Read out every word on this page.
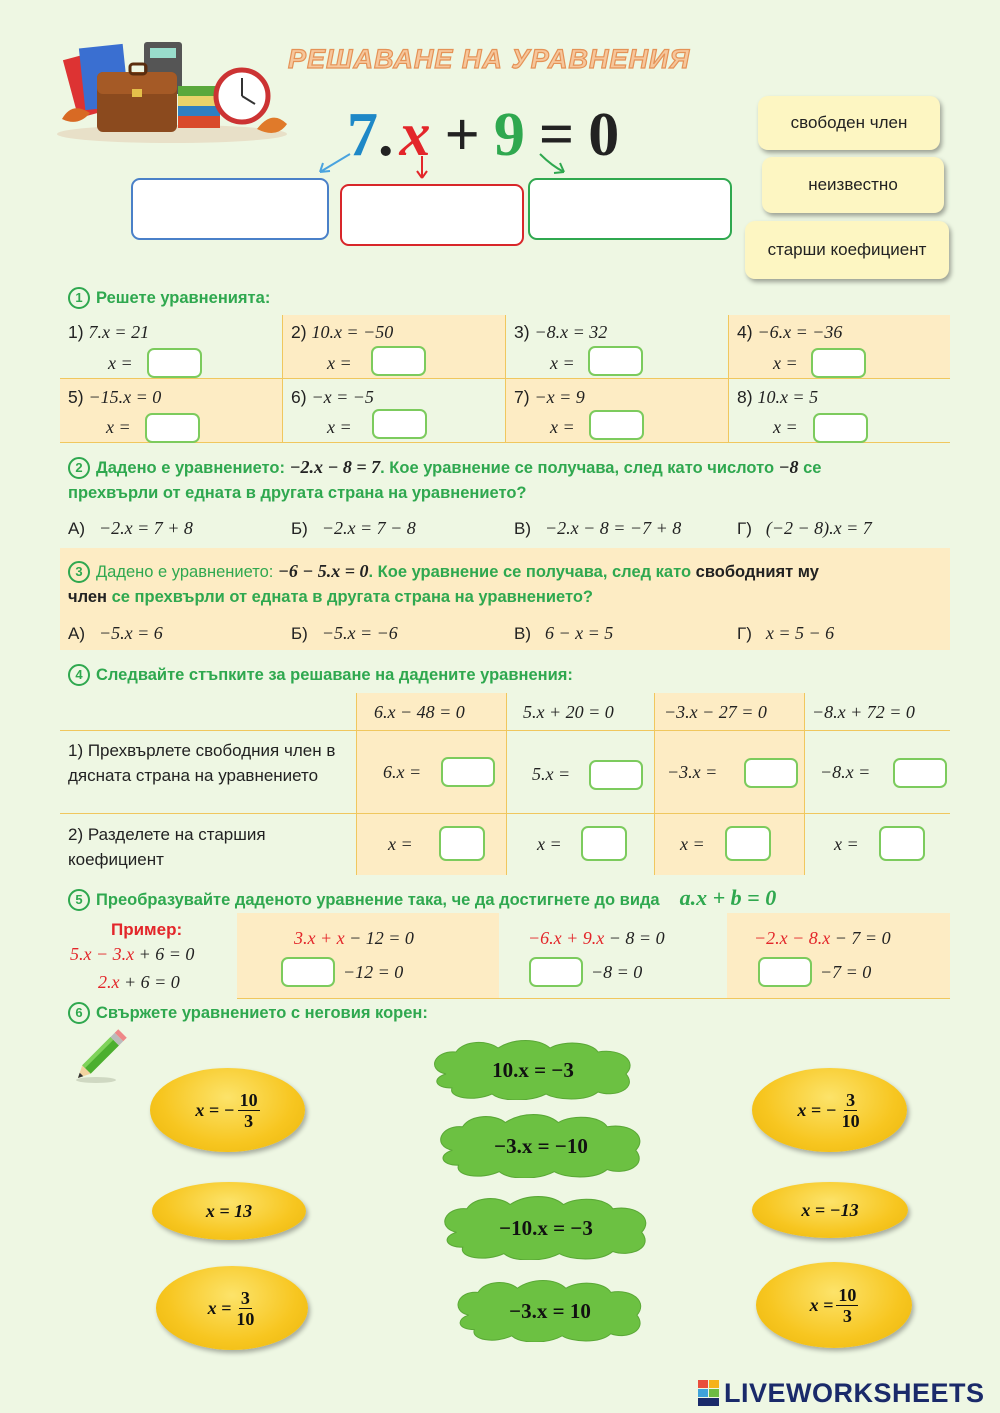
РЕШАВАНЕ НА УРАВНЕНИЯ
7.x + 9 = 0	свободен член
неизвестно
старши коефициент
1 Решете уравненията:
1) 7.x = 21
x =
2) 10.x = −50
x =
3) −8.x = 32
x =
4) −6.x = −36
x =
5) −15.x = 0
x =
6) −x = −5
x =
7) −x = 9
x =
8) 10.x = 5
x =
2 Дадено е уравнението: −2.x − 8 = 7. Кое уравнение се получава, след като числото −8 се
прехвърли от едната в другата страна на уравнението?
А) −2.x = 7 + 8	Б) −2.x = 7 − 8	В) −2.x − 8 = −7 + 8	Г) (−2 − 8).x = 7
3 Дадено е уравнението: −6 − 5.x = 0. Кое уравнение се получава, след като свободният му
член се прехвърли от едната в другата страна на уравнението?
А) −5.x = 6	Б) −5.x = −6	В) 6 − x = 5	Г) x = 5 − 6
4 Следвайте стъпките за решаване на дадените уравнения:
6.x − 48 = 0	5.x + 20 = 0	−3.x − 27 = 0	−8.x + 72 = 0
1) Прехвърлете свободния член в дясната страна на уравнението	6.x =	5.x =	−3.x =	−8.x =
2) Разделете на старшия коефициент
x =	x =	x =	x =
5 Преобразувайте даденото уравнение така, че да достигнете до вида a.x + b = 0
Пример:
5.x − 3.x + 6 = 0
2.x + 6 = 0
3.x + x − 12 = 0
−12 = 0
−6.x + 9.x − 8 = 0
−8 = 0
−2.x − 8.x − 7 = 0
−7 = 0
6 Свържете уравнението с неговия корен:
x = − $\frac{10}{3}$
x = 13
$x = \frac{3}{10}$
x = − $\frac{3}{10}$
x = −13
$x = \frac{10}{3}$
10.x = −3
−3.x = −10
−10.x = −3
−3.x = 10
LIVEWORKSHEETS
